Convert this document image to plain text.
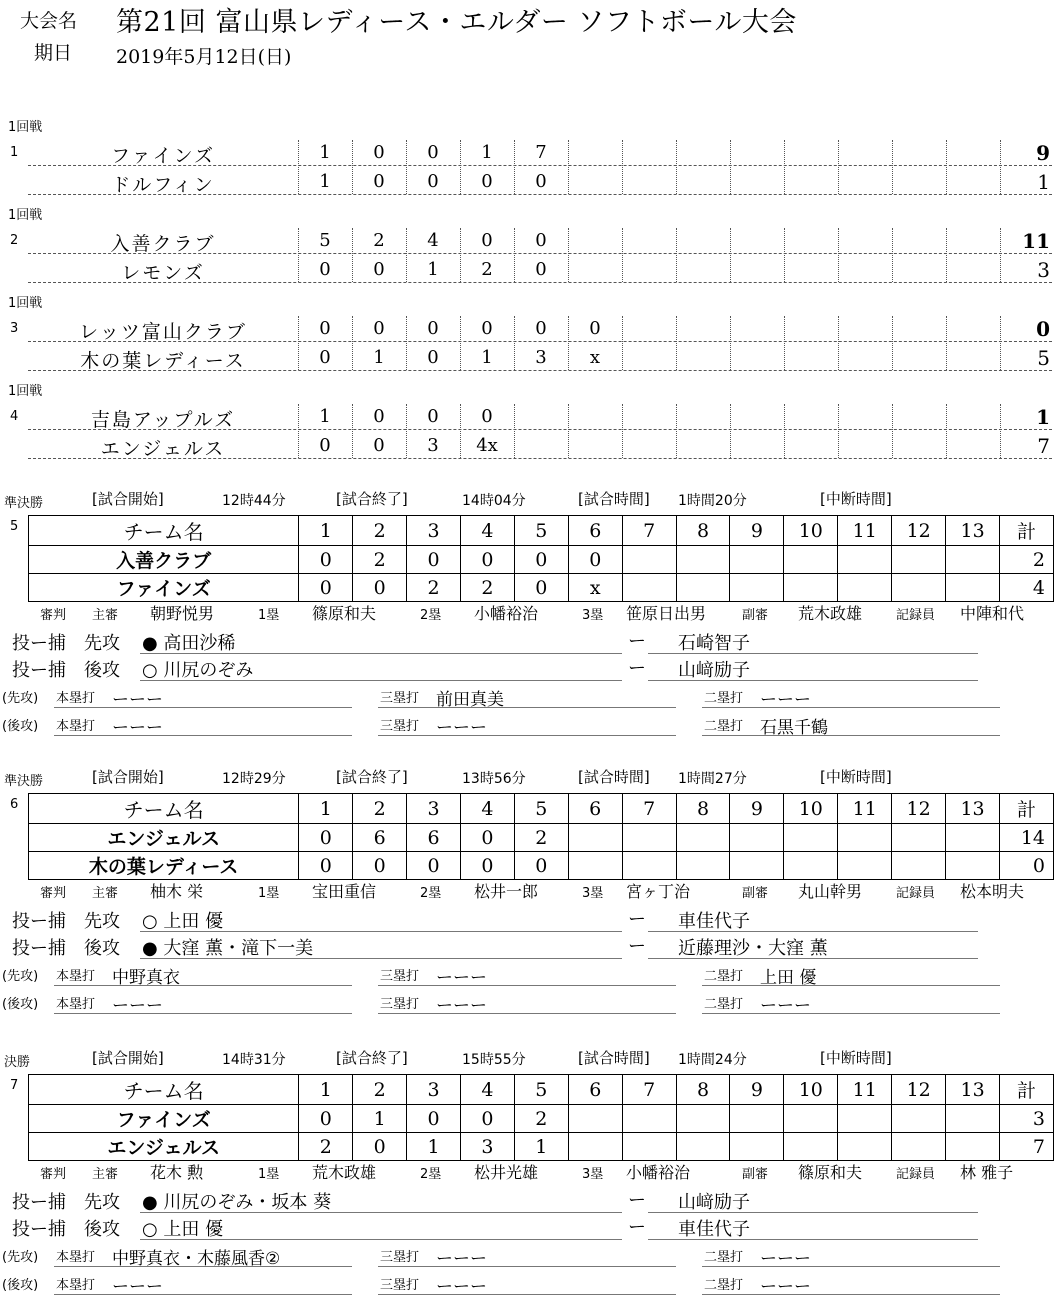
大会名 第21回 富山県レディース・エルダー ソフトボール大会
期日 2019年5月12日(日)
1回戦
1	ファインズ	1	0	0	1	7	9
ドルフィン	1	0	0	0	0	1
1回戦
2	入善クラブ	5	2	4	0	0	11
レモンズ	0	0	1	2	0	3
1回戦
3	レッツ富山クラブ	0	0	0	0	0	0	0
木の葉レディース	0	1	0	1	3	x	5
1回戦
4	吉島アップルズ	1	0	0	0	1
エンジェルス	0	0	3	4x	7
準決勝	[試合開始]	12時44分	[試合終了]	14時04分	[試合時間] 1時間20分	[中断時間]
5	チーム名	1	2	3	4	5	6	7	8	9	10	11	12	13	計
入善クラブ	0	2	0	0	0	0								2
ファインズ	0	0	2	2	0	x								4
審判 主審 朝野悦男	1塁 篠原和夫	2塁 小幡裕治	3塁 笹原日出男	副審 荒木政雄	記録員 中陣和代
投ー捕 先攻 ● 高田沙稀	ー 石崎智子
投ー捕 後攻 ○ 川尻のぞみ	ー 山﨑励子
(先攻) 本塁打 ーーー	三塁打 前田真美	二塁打 ーーー
(後攻) 本塁打 ーーー	三塁打 ーーー	二塁打 石黒千鶴
準決勝	[試合開始]	12時29分	[試合終了]	13時56分	[試合時間] 1時間27分	[中断時間]
6	チーム名	1	2	3	4	5	6	7	8	9	10	11	12	13	計
エンジェルス	0	6	6	0	2									14
木の葉レディース	0	0	0	0	0									0
審判 主審 柚木 栄	1塁 宝田重信	2塁 松井一郎	3塁 宮ヶ丁治	副審 丸山幹男	記録員 松本明夫
投ー捕 先攻 ○ 上田 優	ー 車佳代子
投ー捕 後攻 ● 大窪 薫・滝下一美	ー 近藤理沙・大窪 薫
(先攻) 本塁打 中野真衣	三塁打 ーーー	二塁打 上田 優
(後攻) 本塁打 ーーー	三塁打 ーーー	二塁打 ーーー
決勝	[試合開始]	14時31分	[試合終了]	15時55分	[試合時間] 1時間24分	[中断時間]
7	チーム名	1	2	3	4	5	6	7	8	9	10	11	12	13	計
ファインズ	0	1	0	0	2									3
エンジェルス	2	0	1	3	1									7
審判 主審 花木 勲	1塁 荒木政雄	2塁 松井光雄	3塁 小幡裕治	副審 篠原和夫	記録員 林 雅子
投ー捕 先攻 ● 川尻のぞみ・坂本 葵	ー 山﨑励子
投ー捕 後攻 ○ 上田 優	ー 車佳代子
(先攻) 本塁打 中野真衣・木藤風香②	三塁打 ーーー	二塁打 ーーー
(後攻) 本塁打 ーーー	三塁打 ーーー	二塁打 ーーー
